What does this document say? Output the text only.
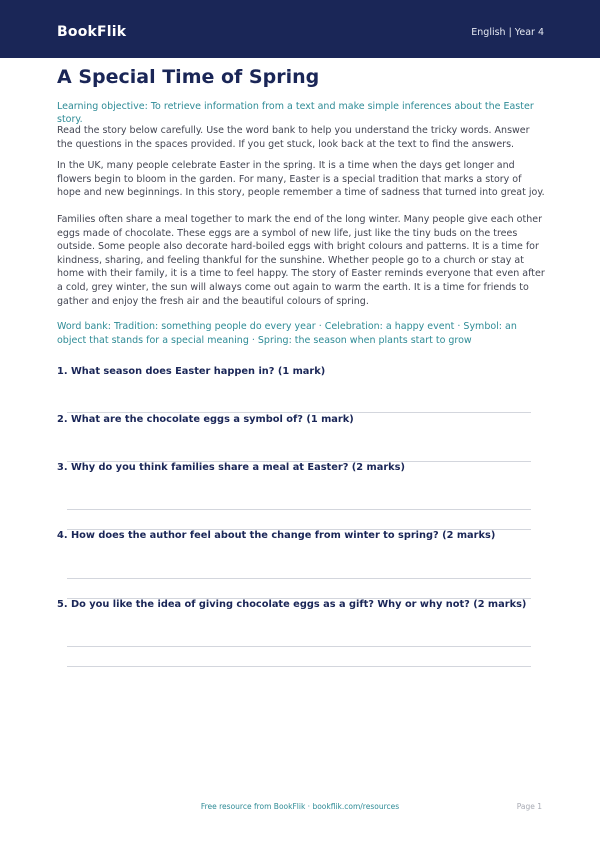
BookFlik	English | Year 4
A Special Time of Spring

Learning objective: To retrieve information from a text and make simple inferences about the Easter story.

Read the story below carefully. Use the word bank to help you understand the tricky words. Answer the questions in the spaces provided. If you get stuck, look back at the text to find the answers.

In the UK, many people celebrate Easter in the spring. It is a time when the days get longer and flowers begin to bloom in the garden. For many, Easter is a special tradition that marks a story of hope and new beginnings. In this story, people remember a time of sadness that turned into great joy.

Families often share a meal together to mark the end of the long winter. Many people give each other eggs made of chocolate. These eggs are a symbol of new life, just like the tiny buds on the trees outside. Some people also decorate hard-boiled eggs with bright colours and patterns. It is a time for kindness, sharing, and feeling thankful for the sunshine. Whether people go to a church or stay at home with their family, it is a time to feel happy. The story of Easter reminds everyone that even after a cold, grey winter, the sun will always come out again to warm the earth. It is a time for friends to gather and enjoy the fresh air and the beautiful colours of spring.

Word bank: Tradition: something people do every year · Celebration: a happy event · Symbol: an object that stands for a special meaning · Spring: the season when plants start to grow

1. What season does Easter happen in? (1 mark)

2. What are the chocolate eggs a symbol of? (1 mark)

3. Why do you think families share a meal at Easter? (2 marks)

4. How does the author feel about the change from winter to spring? (2 marks)

5. Do you like the idea of giving chocolate eggs as a gift? Why or why not? (2 marks)

Free resource from BookFlik · bookflik.com/resources	Page 1
